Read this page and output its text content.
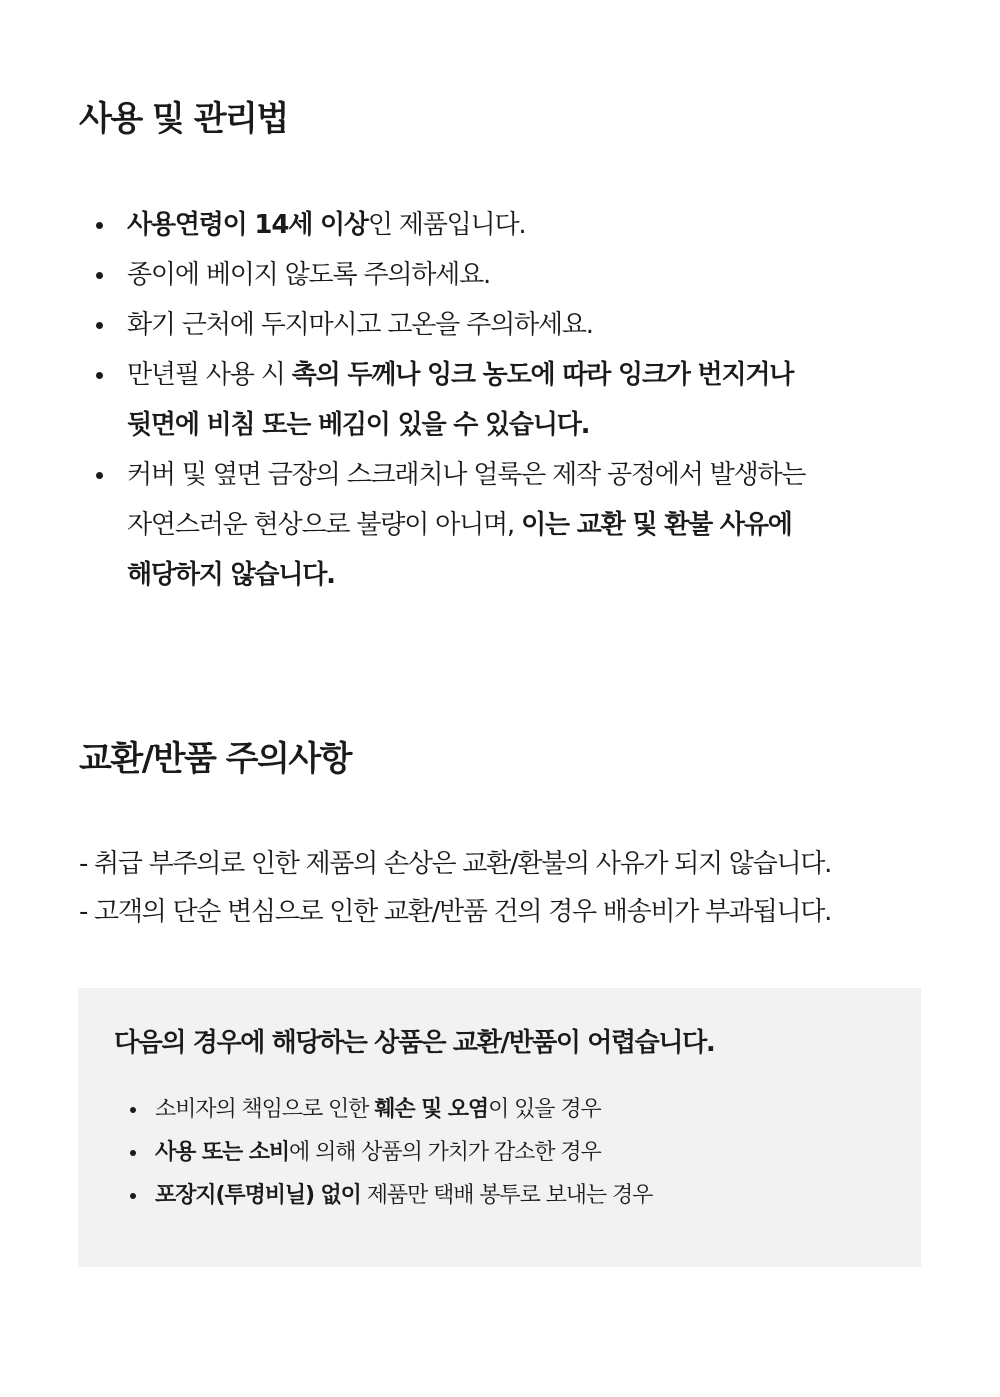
사용 및 관리법
사용연령이 14세 이상인 제품입니다.
종이에 베이지 않도록 주의하세요.
화기 근처에 두지마시고 고온을 주의하세요.
만년필 사용 시 촉의 두께나 잉크 농도에 따라 잉크가 번지거나
뒷면에 비침 또는 베김이 있을 수 있습니다.
커버 및 옆면 금장의 스크래치나 얼룩은 제작 공정에서 발생하는
자연스러운 현상으로 불량이 아니며, 이는 교환 및 환불 사유에
해당하지 않습니다.
교환/반품 주의사항

- 취급 부주의로 인한 제품의 손상은 교환/환불의 사유가 되지 않습니다.

- 고객의 단순 변심으로 인한 교환/반품 건의 경우 배송비가 부과됩니다.

다음의 경우에 해당하는 상품은 교환/반품이 어렵습니다.
소비자의 책임으로 인한 훼손 및 오염이 있을 경우
사용 또는 소비에 의해 상품의 가치가 감소한 경우
포장지(투명비닐) 없이 제품만 택배 봉투로 보내는 경우
